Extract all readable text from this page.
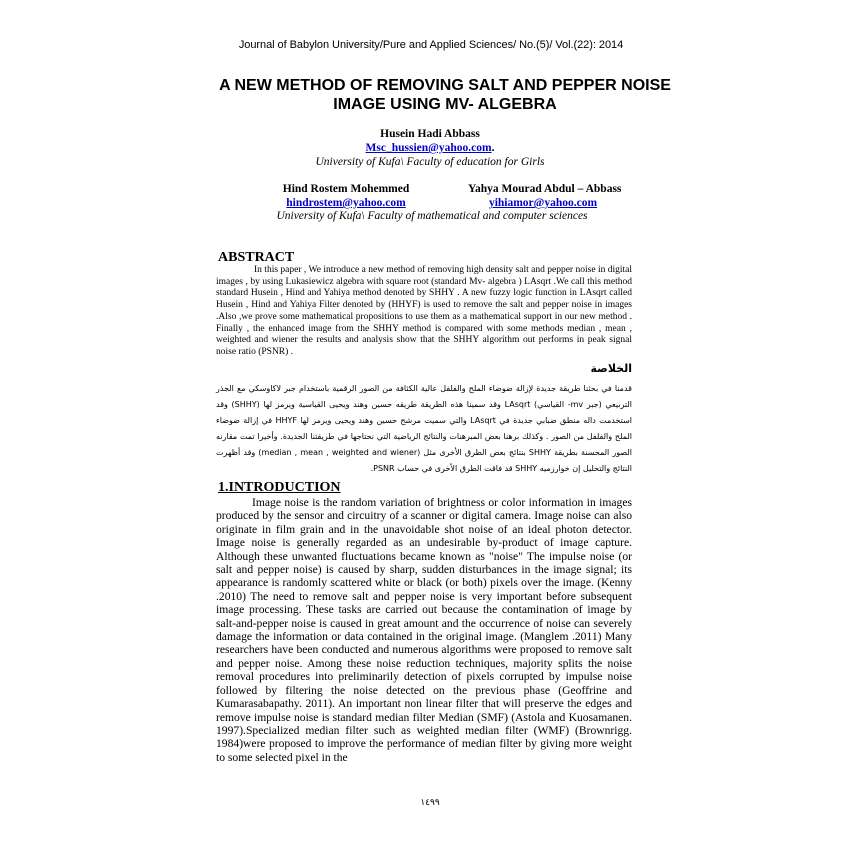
Journal of Babylon University/Pure and Applied Sciences/ No.(5)/ Vol.(22): 2014
A NEW METHOD OF REMOVING SALT AND PEPPER NOISE IMAGE USING MV- ALGEBRA
Husein Hadi Abbass
Msc_hussien@yahoo.com.
University of Kufa\ Faculty of education for Girls
Hind Rostem Mohemmed
hindrostem@yahoo.com
Yahya Mourad Abdul – Abbass
yihiamor@yahoo.com
University of Kufa\ Faculty of mathematical and computer sciences
ABSTRACT
In this paper , We introduce a new method of removing high density salt and pepper noise in digital images , by using Lukasiewicz algebra with square root (standard Mv- algebra ) LAsqrt .We call this method standard Husein , Hind and Yahiya method denoted by SHHY . A new fuzzy logic function in LAsqrt called Husein , Hind and Yahiya Filter denoted by (HHYF) is used to remove the salt and pepper noise in images .Also ,we prove some mathematical propositions to use them as a mathematical support in our new method . Finally , the enhanced image from the SHHY method is compared with some methods median , mean , weighted and wiener the results and analysis show that the SHHY algorithm out performs in peak signal noise ratio (PSNR) .
الخلاصة
قدمنا في بحثنا طريقة جديدة لإزالة ضوضاء الملح والفلفل عالية الكثافة من الصور الرقمية باستخدام جبر لاكاوسكي مع الجذر التربيعي (جبر mv- القياسي) LAsqrt وقد سمينا هذه الطريقة طريقه حسين وهند ويحيى القياسية ويرمز لها (SHHY) وقد استخدمت داله منطق ضبابي جديدة في LAsqrt والتي سميت مرشح حسين وهند ويحيى ويرمز لها HHYF في إزالة ضوضاء الملح والفلفل من الصور . وكذلك برهنا بعض المبرهنات والنتائج الرياضية التي نحتاجها في طريقتنا الجديدة. وأخيرا تمت مقارنه الصور المحسنة بطريقة SHHY بنتائج بعض الطرق الأخرى مثل (median , mean , weighted and wiener) وقد أظهرت النتائج والتحليل إن خوارزميه SHHY قد فاقت الطرق الأخرى في حساب PSNR.
1.INTRODUCTION
Image noise is the random variation of brightness or color information in images produced by the sensor and circuitry of a scanner or digital camera. Image noise can also originate in film grain and in the unavoidable shot noise of an ideal photon detector. Image noise is generally regarded as an undesirable by-product of image capture. Although these unwanted fluctuations became known as "noise" The impulse noise (or salt and pepper noise) is caused by sharp, sudden disturbances in the image signal; its appearance is randomly scattered white or black (or both) pixels over the image. (Kenny .2010) The need to remove salt and pepper noise is very important before subsequent image processing. These tasks are carried out because the contamination of image by salt-and-pepper noise is caused in great amount and the occurrence of noise can severely damage the information or data contained in the original image. (Manglem .2011) Many researchers have been conducted and numerous algorithms were proposed to remove salt and pepper noise. Among these noise reduction techniques, majority splits the noise removal procedures into preliminarily detection of pixels corrupted by impulse noise followed by filtering the noise detected on the previous phase (Geoffrine and Kumarasabapathy. 2011). An important non linear filter that will preserve the edges and remove impulse noise is standard median filter Median (SMF) (Astola and Kuosamanen. 1997).Specialized median filter such as weighted median filter (WMF) (Brownrigg. 1984)were proposed to improve the performance of median filter by giving more weight to some selected pixel in the
١٤٩٩
